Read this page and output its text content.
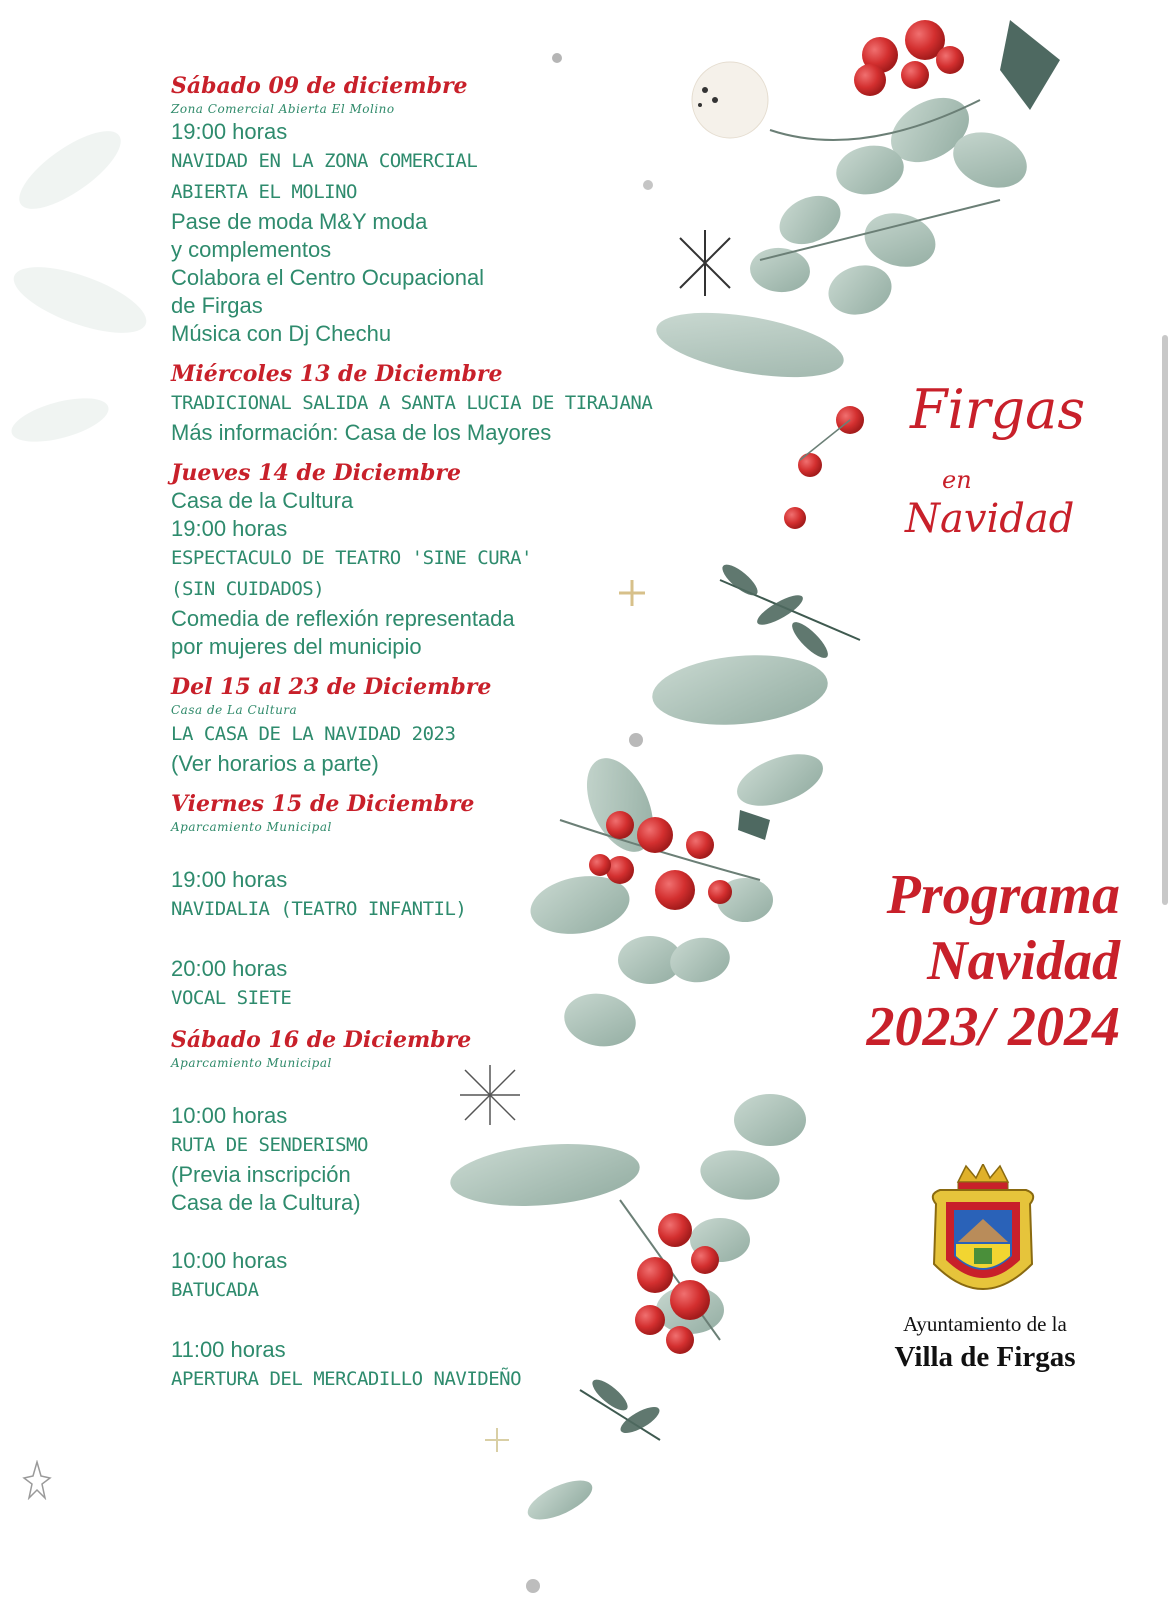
Sábado 09 de diciembre
Zona Comercial Abierta El Molino
19:00 horas
NAVIDAD EN LA ZONA COMERCIAL
ABIERTA EL MOLINO
Pase de moda M&Y moda
y complementos
Colabora el Centro Ocupacional
de Firgas
Música con Dj Chechu
Miércoles 13 de Diciembre
TRADICIONAL SALIDA A SANTA LUCIA DE TIRAJANA
Más información: Casa de los Mayores
Jueves 14 de Diciembre
Casa de la Cultura
19:00 horas
ESPECTACULO DE TEATRO 'SINE CURA'
(SIN CUIDADOS)
Comedia de reflexión representada
por mujeres del municipio
Del 15 al 23 de Diciembre
Casa de La Cultura
LA CASA DE LA NAVIDAD 2023
(Ver horarios a parte)
Viernes 15 de Diciembre
Aparcamiento Municipal
19:00 horas
NAVIDALIA (TEATRO INFANTIL)
20:00 horas
VOCAL SIETE
Sábado 16 de Diciembre
Aparcamiento Municipal
10:00 horas
RUTA DE SENDERISMO
(Previa inscripción
Casa de la Cultura)
10:00 horas
BATUCADA
11:00 horas
APERTURA DEL MERCADILLO NAVIDEÑO
Firgas
en
Navidad
Programa
Navidad
2023/ 2024
Ayuntamiento de la
Villa de Firgas
